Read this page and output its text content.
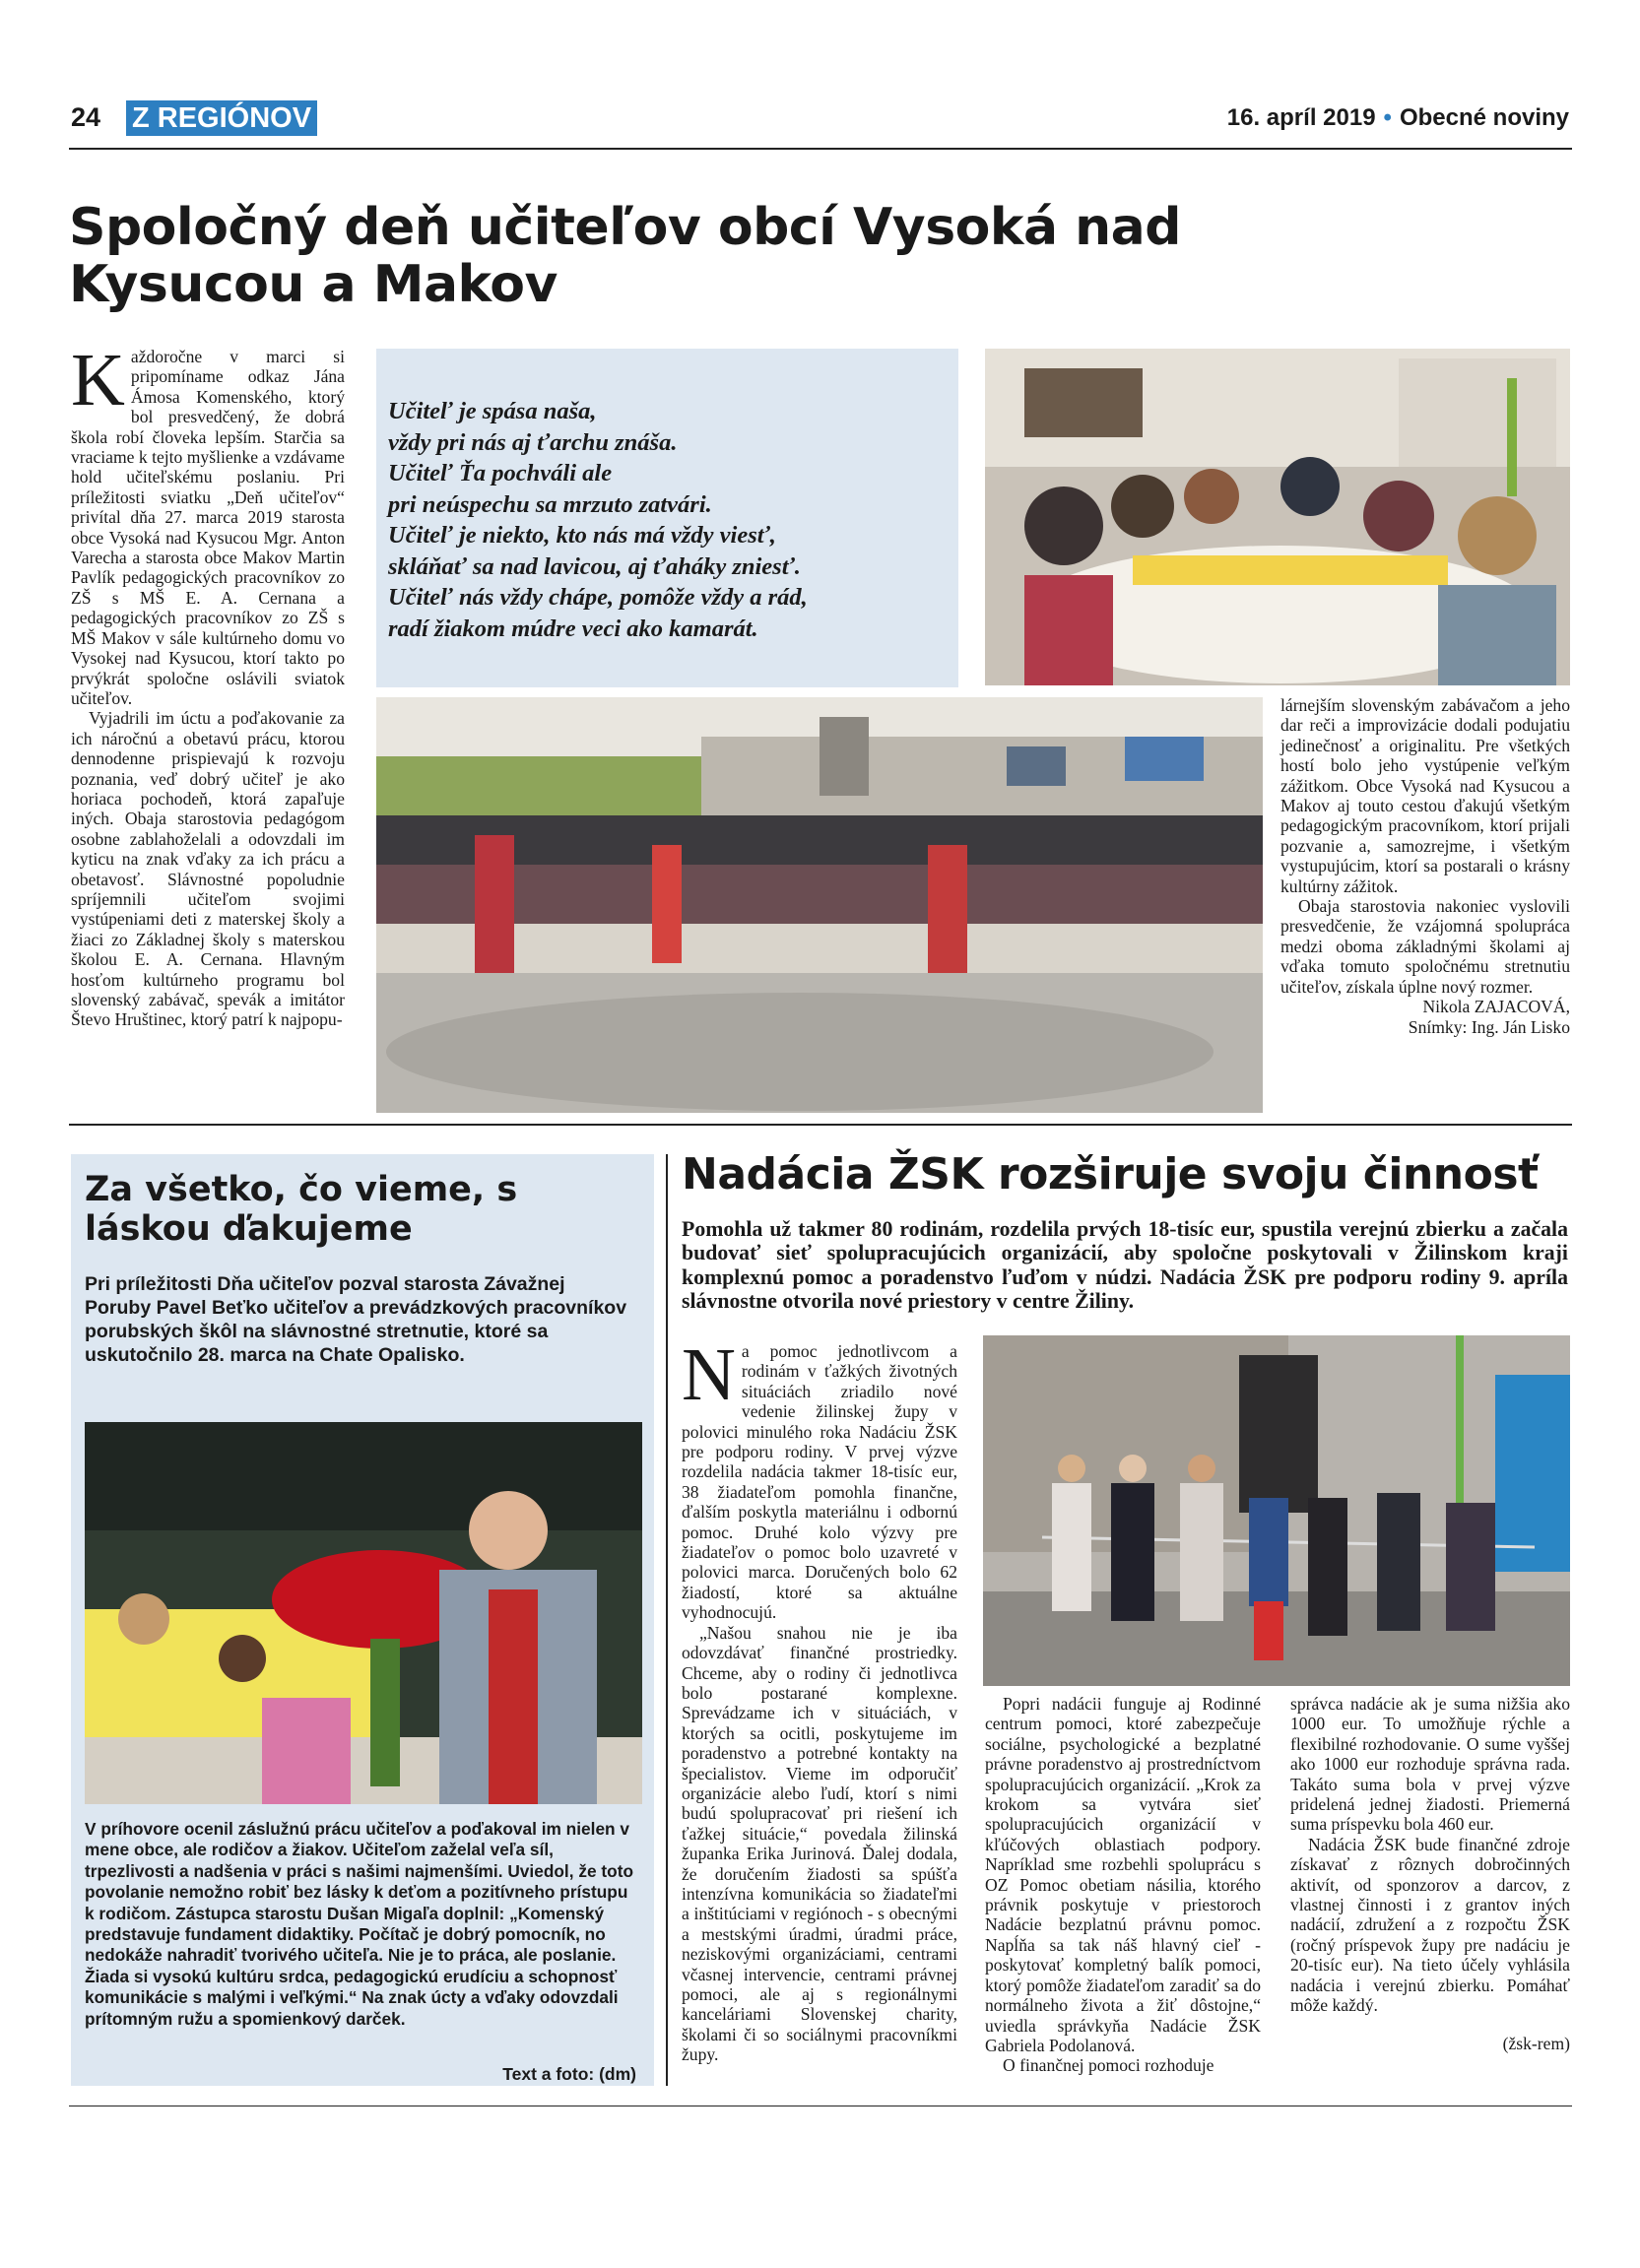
24 Z REGIÓNOV	16. apríl 2019 • Obecné noviny
Spoločný deň učiteľov obcí Vysoká nad Kysucou a Makov

Každoročne v marci si pripomíname odkaz Jána Ámosa Komenského, ktorý bol presvedčený, že dobrá škola robí človeka lepším. Starčia sa vraciame k tejto myšlienke a vzdávame hold učiteľskému poslaniu. Pri príležitosti sviatku „Deň učiteľov“ privítal dňa 27. marca 2019 starosta obce Vysoká nad Kysucou Mgr. Anton Varecha a starosta obce Makov Martin Pavlík pedagogických pracovníkov zo ZŠ s MŠ E. A. Cernana a pedagogických pracovníkov zo ZŠ s MŠ Makov v sále kultúrneho domu vo Vysokej nad Kysucou, ktorí takto po prvýkrát spoločne oslávili sviatok učiteľov.

Vyjadrili im úctu a poďakovanie za ich náročnú a obetavú prácu, ktorou dennodenne prispievajú k rozvoju poznania, veď dobrý učiteľ je ako horiaca pochodeň, ktorá zapaľuje iných. Obaja starostovia pedagógom osobne zablahoželali a odovzdali im kyticu na znak vďaky za ich prácu a obetavosť. Slávnostné popoludnie spríjemnili učiteľom svojimi vystúpeniami deti z materskej školy a žiaci zo Základnej školy s materskou školou E. A. Cernana. Hlavným hosťom kultúrneho programu bol slovenský zabávač, spevák a imitátor Števo Hruštinec, ktorý patrí k najpopu-

Učiteľ je spása naša,
vždy pri nás aj ťarchu znáša.
Učiteľ Ťa pochváli ale
pri neúspechu sa mrzuto zatvári.
Učiteľ je niekto, kto nás má vždy viesť,
skláňať sa nad lavicou, aj ťaháky zniesť.
Učiteľ nás vždy chápe, pomôže vždy a rád,
radí žiakom múdre veci ako kamarát.

lárnejším slovenským zabávačom a jeho dar reči a improvizácie dodali podujatiu jedinečnosť a originalitu. Pre všetkých hostí bolo jeho vystúpenie veľkým zážitkom. Obce Vysoká nad Kysucou a Makov aj touto cestou ďakujú všetkým pedagogickým pracovníkom, ktorí prijali pozvanie a, samozrejme, i všetkým vystupujúcim, ktorí sa postarali o krásny kultúrny zážitok.

Obaja starostovia nakoniec vyslovili presvedčenie, že vzájomná spolupráca medzi oboma základnými školami aj vďaka tomuto spoločnému stretnutiu učiteľov, získala úplne nový rozmer.

Nikola ZAJACOVÁ,

Snímky: Ing. Ján Lisko

Za všetko, čo vieme, s láskou ďakujeme
Pri príležitosti Dňa učiteľov pozval starosta Závažnej Poruby Pavel Beťko učiteľov a prevádzkových pracovníkov porubských škôl na slávnostné stretnutie, ktoré sa uskutočnilo 28. marca na Chate Opalisko.
V príhovore ocenil záslužnú prácu učiteľov a poďakoval im nielen v mene obce, ale rodičov a žiakov. Učiteľom zaželal veľa síl, trpezlivosti a nadšenia v práci s našimi najmenšími. Uviedol, že toto povolanie nemožno robiť bez lásky k deťom a pozitívneho prístupu k rodičom. Zástupca starostu Dušan Migaľa doplnil: „Komenský predstavuje fundament didaktiky. Počítač je dobrý pomocník, no nedokáže nahradiť tvorivého učiteľa. Nie je to práca, ale poslanie. Žiada si vysokú kultúru srdca, pedagogickú erudíciu a schopnosť komunikácie s malými i veľkými.“ Na znak úcty a vďaky odovzdali prítomným ružu a spomienkový darček.
Text a foto: (dm)
Nadácia ŽSK rozširuje svoju činnosť
Pomohla už takmer 80 rodinám, rozdelila prvých 18-tisíc eur, spustila verejnú zbierku a začala budovať sieť spolupracujúcich organizácií, aby spoločne poskytovali v Žilinskom kraji komplexnú pomoc a poradenstvo ľuďom v núdzi. Nadácia ŽSK pre podporu rodiny 9. apríla slávnostne otvorila nové priestory v centre Žiliny.

Na pomoc jednotlivcom a rodinám v ťažkých životných situáciách zriadilo nové vedenie žilinskej župy v polovici minulého roka Nadáciu ŽSK pre podporu rodiny. V prvej výzve rozdelila nadácia takmer 18-tisíc eur, 38 žiadateľom pomohla finančne, ďalším poskytla materiálnu i odbornú pomoc. Druhé kolo výzvy pre žiadateľov o pomoc bolo uzavreté v polovici marca. Doručených bolo 62 žiadostí, ktoré sa aktuálne vyhodnocujú.

„Našou snahou nie je iba odovzdávať finančné prostriedky. Chceme, aby o rodiny či jednotlivca bolo postarané komplexne. Sprevádzame ich v situáciách, v ktorých sa ocitli, poskytujeme im poradenstvo a potrebné kontakty na špecialistov. Vieme im odporučiť organizácie alebo ľudí, ktorí s nimi budú spolupracovať pri riešení ich ťažkej situácie,“ povedala žilinská županka Erika Jurinová. Ďalej dodala, že doručením žiadosti sa spúšťa intenzívna komunikácia so žiadateľmi a inštitúciami v regiónoch - s obecnými a mestskými úradmi, úradmi práce, neziskovými organizáciami, centrami včasnej intervencie, centrami právnej pomoci, ale aj s regionálnymi kanceláriami Slovenskej charity, školami či so sociálnymi pracovníkmi župy.

Popri nadácii funguje aj Rodinné centrum pomoci, ktoré zabezpečuje sociálne, psychologické a bezplatné právne poradenstvo aj prostredníctvom spolupracujúcich organizácií. „Krok za krokom sa vytvára sieť spolupracujúcich organizácií v kľúčových oblastiach podpory. Napríklad sme rozbehli spoluprácu s OZ Pomoc obetiam násilia, ktorého právnik poskytuje v priestoroch Nadácie bezplatnú právnu pomoc. Napĺňa sa tak náš hlavný cieľ - poskytovať kompletný balík pomoci, ktorý pomôže žiadateľom zaradiť sa do normálneho života a žiť dôstojne,“ uviedla správkyňa Nadácie ŽSK Gabriela Podolanová.

O finančnej pomoci rozhoduje

správca nadácie ak je suma nižšia ako 1000 eur. To umožňuje rýchle a flexibilné rozhodovanie. O sume vyššej ako 1000 eur rozhoduje správna rada. Takáto suma bola v prvej výzve pridelená jednej žiadosti. Priemerná suma príspevku bola 460 eur.

Nadácia ŽSK bude finančné zdroje získavať z rôznych dobročinných aktivít, od sponzorov a darcov, z vlastnej činnosti i z grantov iných nadácií, združení a z rozpočtu ŽSK (ročný príspevok župy pre nadáciu je 20-tisíc eur). Na tieto účely vyhlásila nadácia i verejnú zbierku. Pomáhať môže každý.

(žsk-rem)
